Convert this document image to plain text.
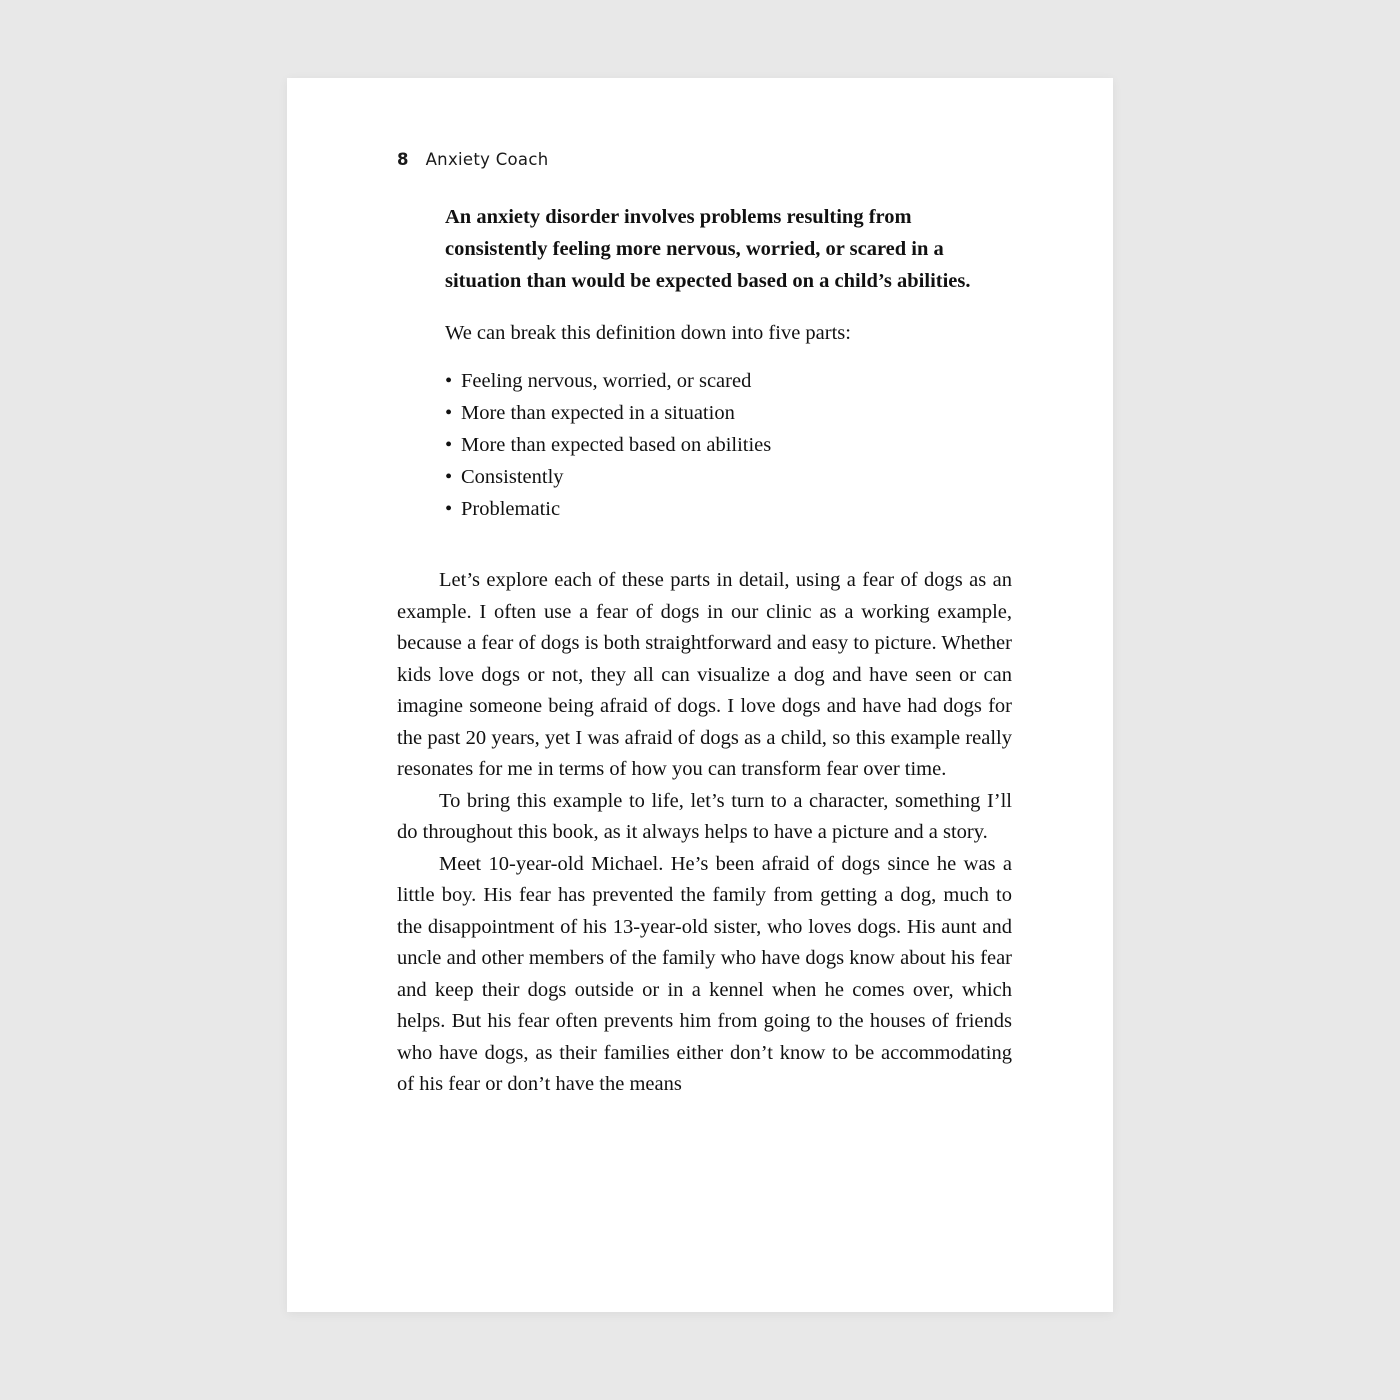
8 Anxiety Coach

An anxiety disorder involves problems resulting from consistently feeling more nervous, worried, or scared in a situation than would be expected based on a child’s abilities.

We can break this definition down into five parts:

• Feeling nervous, worried, or scared
• More than expected in a situation
• More than expected based on abilities
• Consistently
• Problematic

Let’s explore each of these parts in detail, using a fear of dogs as an example. I often use a fear of dogs in our clinic as a working example, because a fear of dogs is both straightforward and easy to picture. Whether kids love dogs or not, they all can visualize a dog and have seen or can imagine someone being afraid of dogs. I love dogs and have had dogs for the past 20 years, yet I was afraid of dogs as a child, so this example really resonates for me in terms of how you can transform fear over time.

To bring this example to life, let’s turn to a character, something I’ll do throughout this book, as it always helps to have a picture and a story.

Meet 10-year-old Michael. He’s been afraid of dogs since he was a little boy. His fear has prevented the family from getting a dog, much to the disappointment of his 13-year-old sister, who loves dogs. His aunt and uncle and other members of the family who have dogs know about his fear and keep their dogs outside or in a kennel when he comes over, which helps. But his fear often prevents him from going to the houses of friends who have dogs, as their families either don’t know to be accommodating of his fear or don’t have the means
